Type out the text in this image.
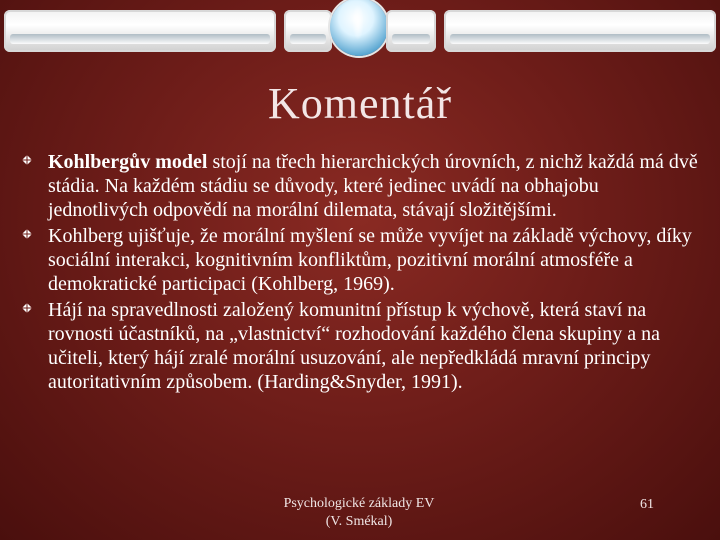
Komentář
Kohlbergův model stojí na třech hierarchických úrovních, z nichž každá má dvě stádia. Na každém stádiu se důvody, které jedinec uvádí na obhajobu jednotlivých odpovědí na morální dilemata, stávají složitějšími.
Kohlberg ujišťuje, že morální myšlení se může vyvíjet na základě výchovy, díky sociální interakci, kognitivním konfliktům, pozitivní morální atmosféře a demokratické participaci (Kohlberg, 1969).
Hájí na spravedlnosti založený komunitní přístup k výchově, která staví na rovnosti účastníků, na „vlastnictví“ rozhodování každého člena skupiny a na učiteli, který hájí zralé morální usuzování, ale nepředkládá mravní principy autoritativním způsobem. (Harding&Snyder, 1991).
Psychologické základy EV
(V. Smékal)
61
